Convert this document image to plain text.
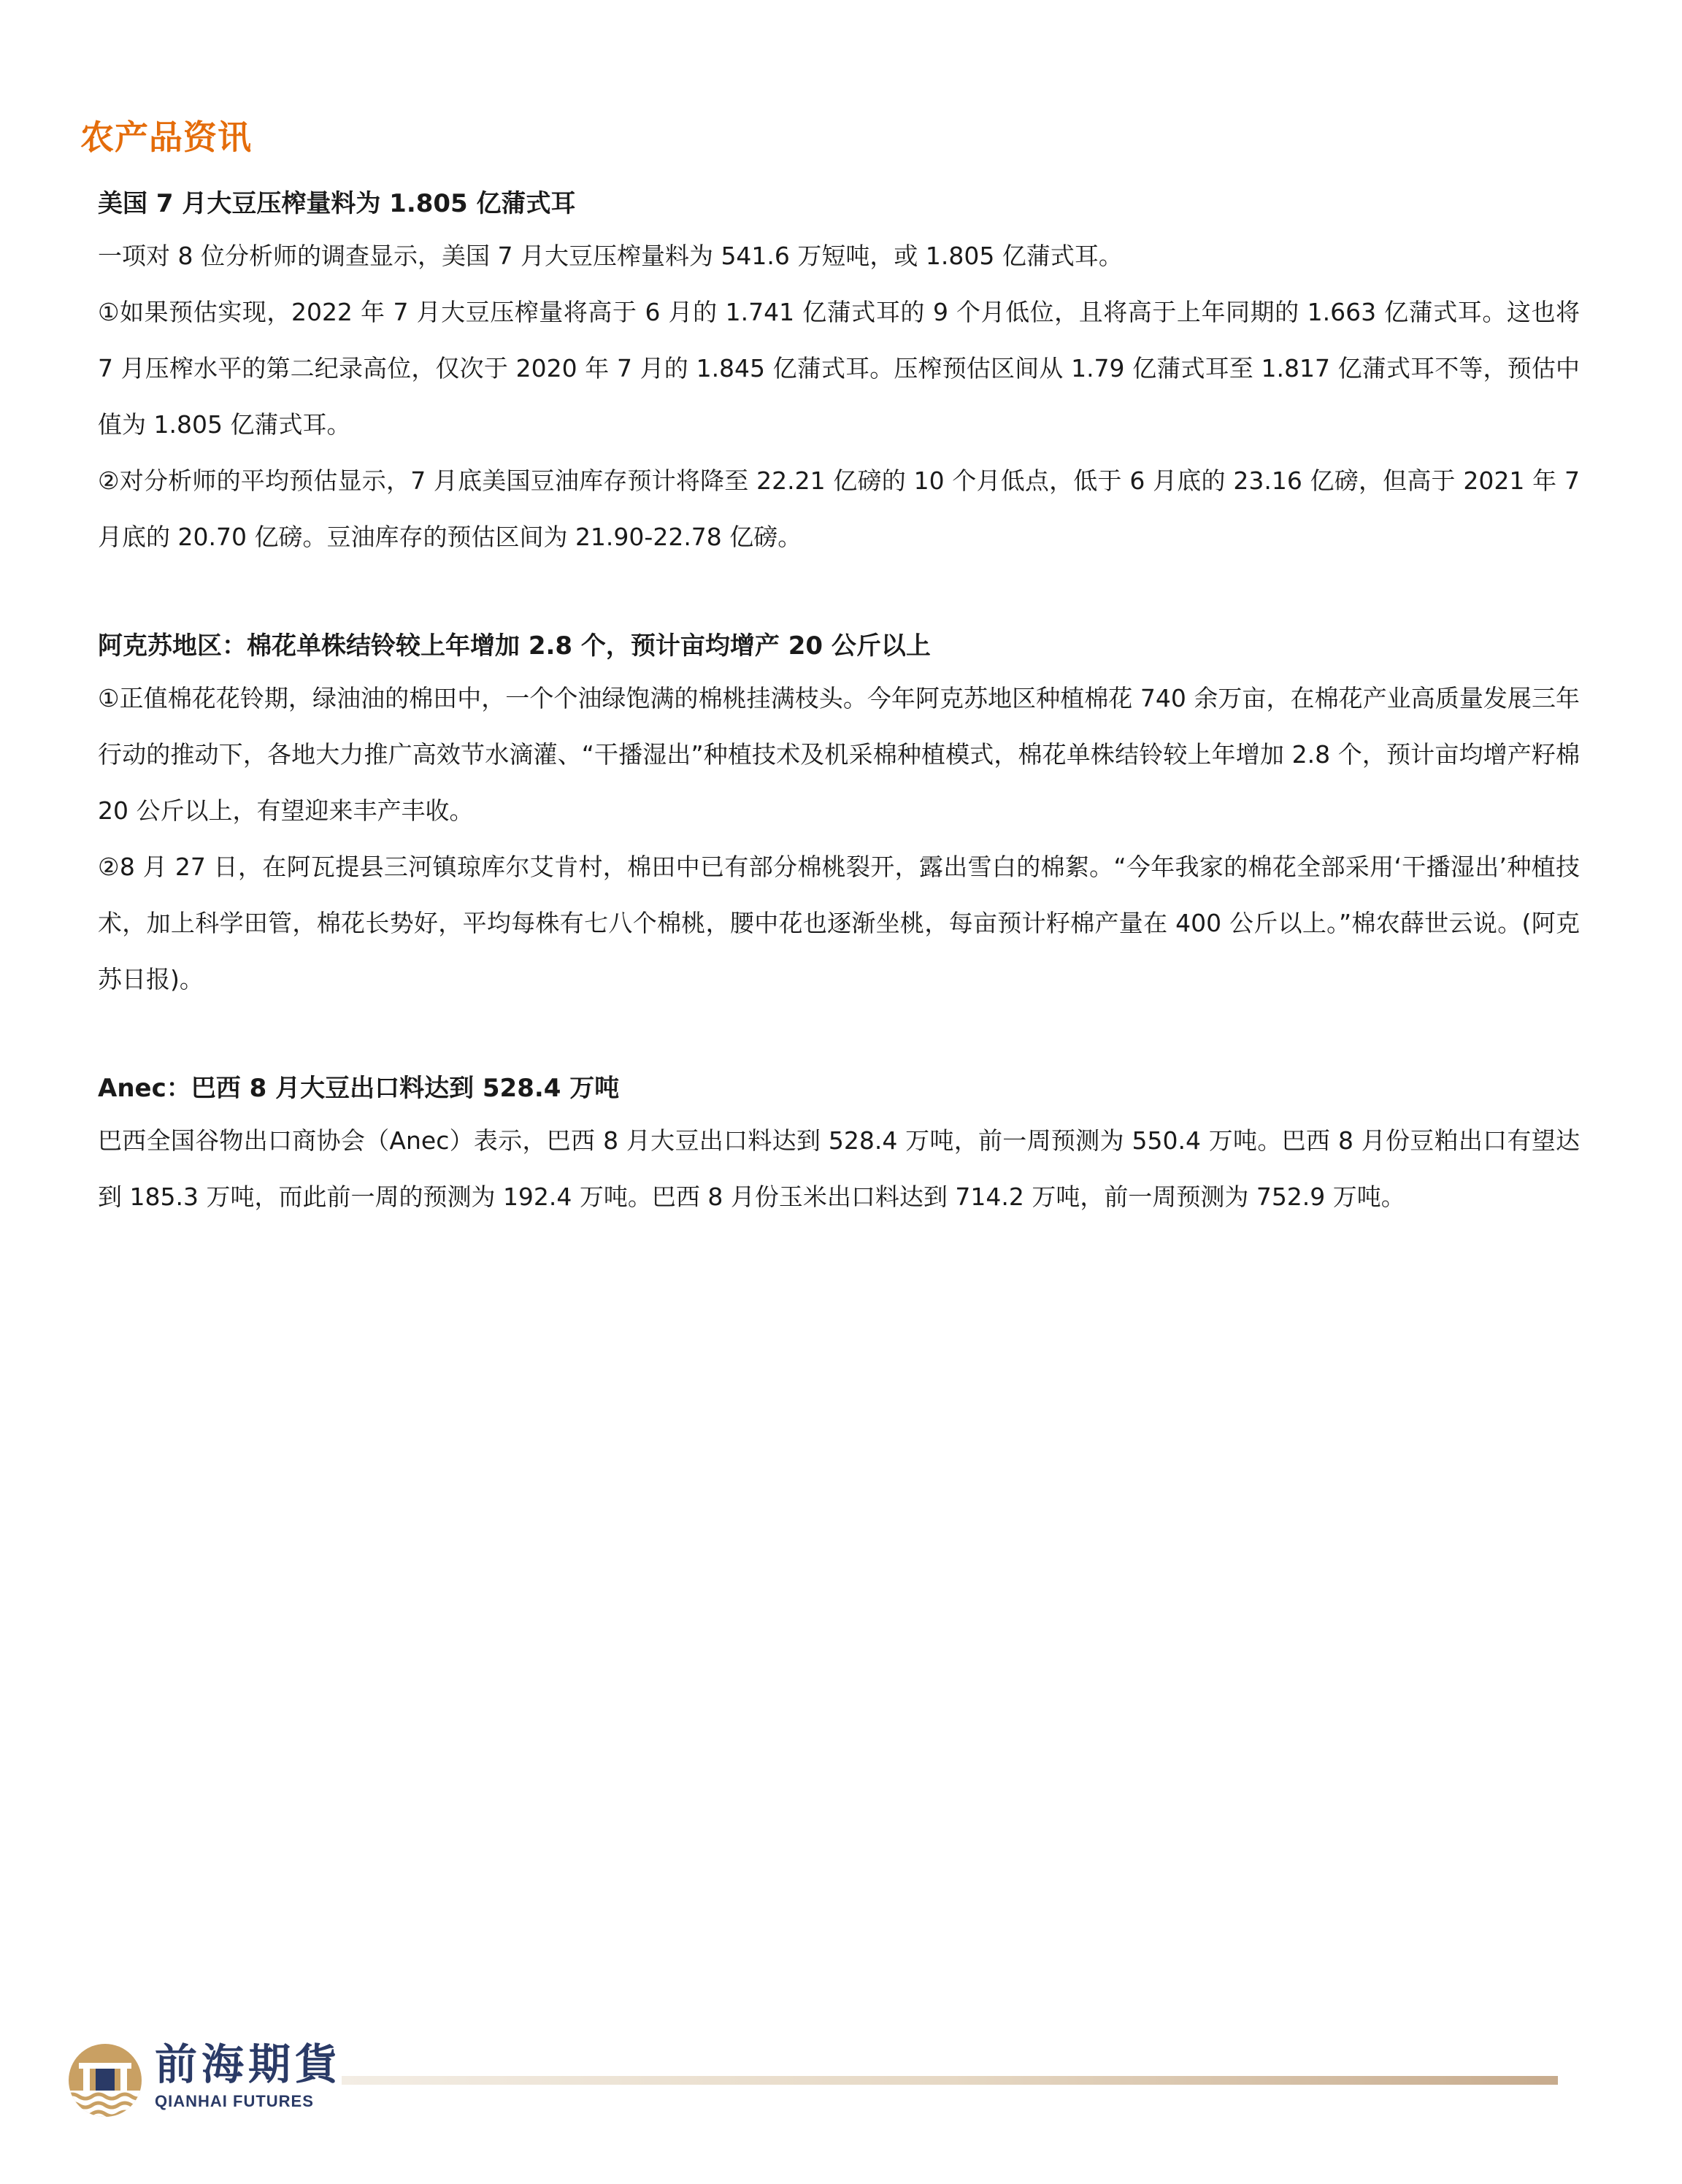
农产品资讯

美国 7 月大豆压榨量料为 1.805 亿蒲式耳

一项对 8 位分析师的调查显示，美国 7 月大豆压榨量料为 541.6 万短吨，或 1.805 亿蒲式耳。

①如果预估实现，2022 年 7 月大豆压榨量将高于 6 月的 1.741 亿蒲式耳的 9 个月低位，且将高于上年同期的 1.663 亿蒲式耳。这也将 7 月压榨水平的第二纪录高位，仅次于 2020 年 7 月的 1.845 亿蒲式耳。压榨预估区间从 1.79 亿蒲式耳至 1.817 亿蒲式耳不等，预估中值为 1.805 亿蒲式耳。

②对分析师的平均预估显示，7 月底美国豆油库存预计将降至 22.21 亿磅的 10 个月低点，低于 6 月底的 23.16 亿磅，但高于 2021 年 7 月底的 20.70 亿磅。豆油库存的预估区间为 21.90-22.78 亿磅。

阿克苏地区：棉花单株结铃较上年增加 2.8 个，预计亩均增产 20 公斤以上

①正值棉花花铃期，绿油油的棉田中，一个个油绿饱满的棉桃挂满枝头。今年阿克苏地区种植棉花 740 余万亩，在棉花产业高质量发展三年行动的推动下，各地大力推广高效节水滴灌、“干播湿出”种植技术及机采棉种植模式，棉花单株结铃较上年增加 2.8 个，预计亩均增产籽棉 20 公斤以上，有望迎来丰产丰收。

②8 月 27 日，在阿瓦提县三河镇琼库尔艾肯村，棉田中已有部分棉桃裂开，露出雪白的棉絮。“今年我家的棉花全部采用‘干播湿出’种植技术，加上科学田管，棉花长势好，平均每株有七八个棉桃，腰中花也逐渐坐桃，每亩预计籽棉产量在 400 公斤以上。”棉农薛世云说。(阿克苏日报)。

Anec：巴西 8 月大豆出口料达到 528.4 万吨

巴西全国谷物出口商协会（Anec）表示，巴西 8 月大豆出口料达到 528.4 万吨，前一周预测为 550.4 万吨。巴西 8 月份豆粕出口有望达到 185.3 万吨，而此前一周的预测为 192.4 万吨。巴西 8 月份玉米出口料达到 714.2 万吨，前一周预测为 752.9 万吨。

前海期貨
QIANHAI FUTURES
